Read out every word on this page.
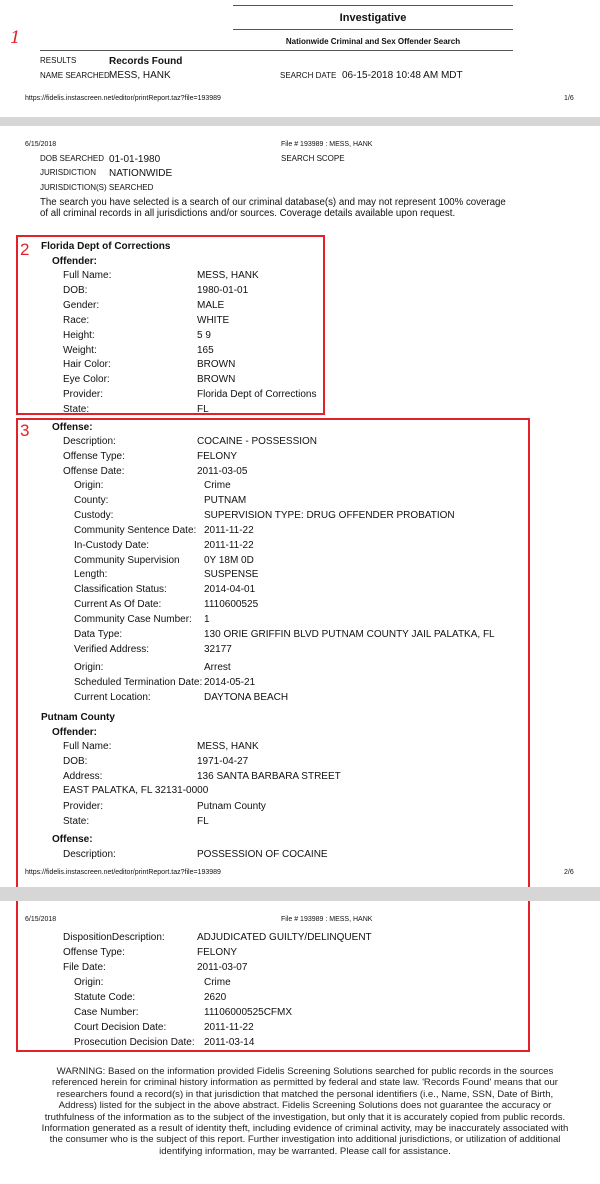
Investigative
Nationwide Criminal and Sex Offender Search
1
RESULTS	Records Found
NAME SEARCHED MESS, HANK	SEARCH DATE 06-15-2018 10:48 AM MDT
https://fidelis.instascreen.net/editor/printReport.taz?file=193989	1/6
6/15/2018	File # 193989 : MESS, HANK
DOB SEARCHED 01-01-1980	SEARCH SCOPE
JURISDICTION NATIONWIDE
JURISDICTION(S) SEARCHED
The search you have selected is a search of our criminal database(s) and may not represent 100% coverage
of all criminal records in all jurisdictions and/or sources. Coverage details available upon request.
2 Florida Dept of Corrections
Offender:
Full Name:	MESS, HANK
DOB:	1980-01-01
Gender:	MALE
Race:	WHITE
Height:	5 9
Weight:	165
Hair Color:	BROWN
Eye Color:	BROWN
Provider:	Florida Dept of Corrections
State:	FL
3 Offense:
Description:	COCAINE - POSSESSION
Offense Type:	FELONY
Offense Date:	2011-03-05
Origin:	Crime
County:	PUTNAM
Custody:	SUPERVISION TYPE: DRUG OFFENDER PROBATION
Community Sentence Date: 2011-11-22
In-Custody Date:	2011-11-22
Community Supervision 0Y 18M 0D
Length:	SUSPENSE
Classification Status:	2014-04-01
Current As Of Date:	1110600525
Community Case Number: 1
Data Type:	130 ORIE GRIFFIN BLVD PUTNAM COUNTY JAIL PALATKA, FL
Verified Address:	32177
Origin:	Arrest
Scheduled Termination Date: 2014-05-21
Current Location:	DAYTONA BEACH
Putnam County
Offender:
Full Name:	MESS, HANK
DOB:	1971-04-27
Address:	136 SANTA BARBARA STREET
EAST PALATKA, FL 32131-0000
Provider:	Putnam County
State:	FL
Offense:
Description:	POSSESSION OF COCAINE
https://fidelis.instascreen.net/editor/printReport.taz?file=193989	2/6
6/15/2018	File # 193989 : MESS, HANK
DispositionDescription:	ADJUDICATED GUILTY/DELINQUENT
Offense Type:	FELONY
File Date:	2011-03-07
Origin:	Crime
Statute Code:	2620
Case Number:	11106000525CFMX
Court Decision Date:	2011-11-22
Prosecution Decision Date: 2011-03-14
WARNING: Based on the information provided Fidelis Screening Solutions searched for public records in the sources referenced herein for criminal history information as permitted by federal and state law. 'Records Found' means that our researchers found a record(s) in that jurisdiction that matched the personal identifiers (i.e., Name, SSN, Date of Birth, Address) listed for the subject in the above abstract. Fidelis Screening Solutions does not guarantee the accuracy or truthfulness of the information as to the subject of the investigation, but only that it is accurately copied from public records. Information generated as a result of identity theft, including evidence of criminal activity, may be inaccurately associated with the consumer who is the subject of this report. Further investigation into additional jurisdictions, or utilization of additional identifying information, may be warranted. Please call for assistance.
